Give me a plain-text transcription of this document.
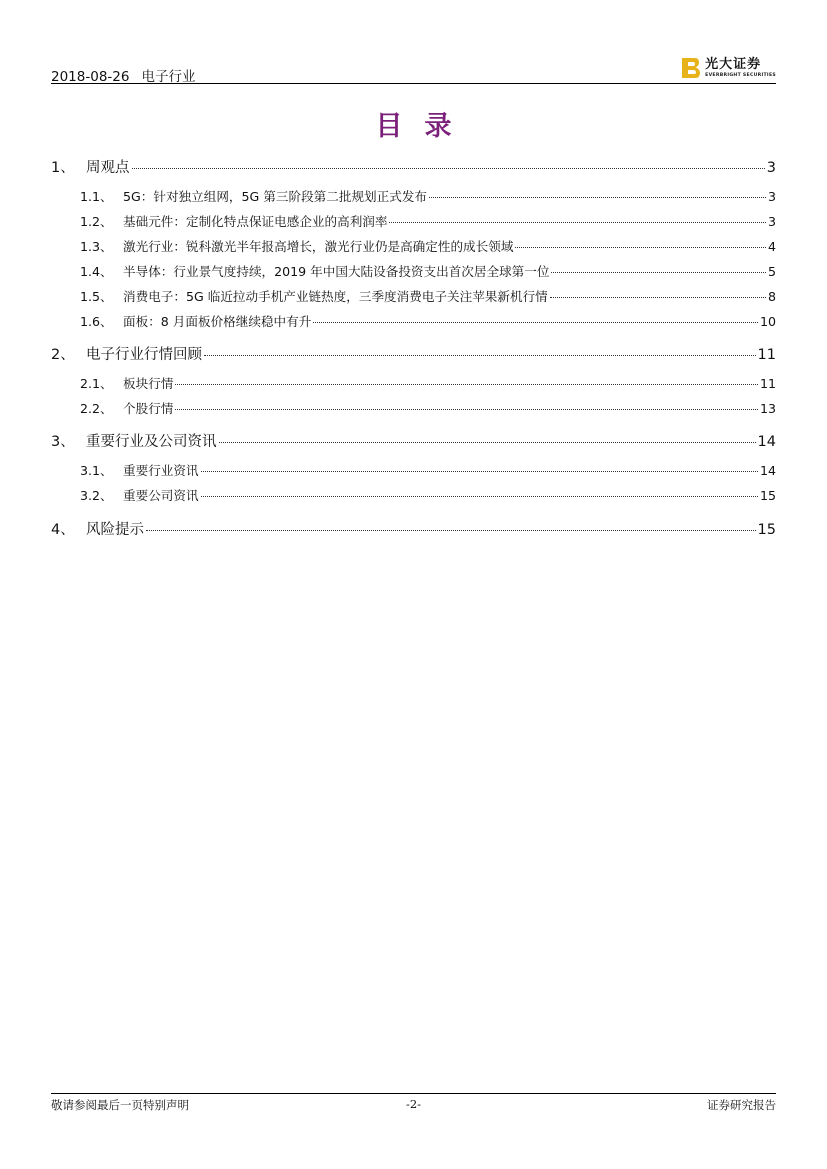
2018-08-26 电子行业
光大证券
EVERBRIGHT SECURITIES
目 录
1、 周观点	3
1.1、 5G：针对独立组网，5G 第三阶段第二批规划正式发布	3
1.2、 基础元件：定制化特点保证电感企业的高利润率	3
1.3、 激光行业：锐科激光半年报高增长，激光行业仍是高确定性的成长领域	4
1.4、 半导体：行业景气度持续，2019 年中国大陆设备投资支出首次居全球第一位	5
1.5、 消费电子：5G 临近拉动手机产业链热度，三季度消费电子关注苹果新机行情	8
1.6、 面板：8 月面板价格继续稳中有升	10
2、 电子行业行情回顾	11
2.1、 板块行情	11
2.2、 个股行情	13
3、 重要行业及公司资讯	14
3.1、 重要行业资讯	14
3.2、 重要公司资讯	15
4、 风险提示	15
敬请参阅最后一页特别声明	-2-	证券研究报告
